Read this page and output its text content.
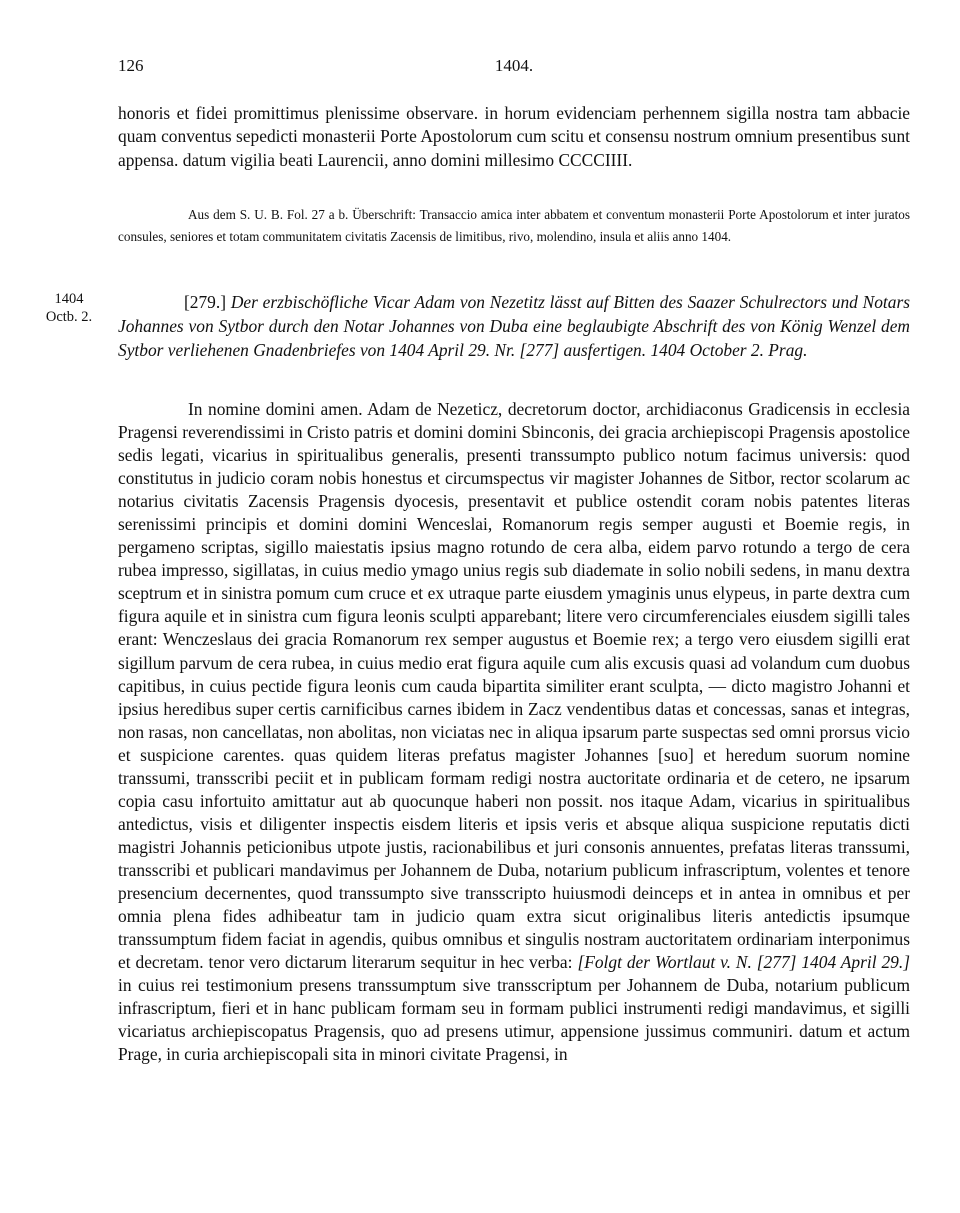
126	1404.
honoris et fidei promittimus plenissime observare. in horum evidenciam perhennem sigilla nostra tam abbacie quam conventus sepedicti monasterii Porte Apostolorum cum scitu et consensu nostrum omnium presentibus sunt appensa. datum vigilia beati Laurencii, anno domini millesimo CCCCIIII.
Aus dem S. U. B. Fol. 27 a b. Überschrift: Transaccio amica inter abbatem et conventum monasterii Porte Apostolorum et inter juratos consules, seniores et totam communitatem civitatis Zacensis de limitibus, rivo, molendino, insula et aliis anno 1404.
1404
Octb. 2.
[279.] Der erzbischöfliche Vicar Adam von Nezetitz lässt auf Bitten des Saazer Schulrectors und Notars Johannes von Sytbor durch den Notar Johannes von Duba eine beglaubigte Abschrift des von König Wenzel dem Sytbor verliehenen Gnadenbriefes von 1404 April 29. Nr. [277] ausfertigen. 1404 October 2. Prag.
In nomine domini amen. Adam de Nezeticz, decretorum doctor, archidiaconus Gradicensis in ecclesia Pragensi reverendissimi in Cristo patris et domini domini Sbinconis, dei gracia archiepiscopi Pragensis apostolice sedis legati, vicarius in spiritualibus generalis, presenti transsumpto publico notum facimus universis: quod constitutus in judicio coram nobis honestus et circumspectus vir magister Johannes de Sitbor, rector scolarum ac notarius civitatis Zacensis Pragensis dyocesis, presentavit et publice ostendit coram nobis patentes literas serenissimi principis et domini domini Wenceslai, Romanorum regis semper augusti et Boemie regis, in pergameno scriptas, sigillo maiestatis ipsius magno rotundo de cera alba, eidem parvo rotundo a tergo de cera rubea impresso, sigillatas, in cuius medio ymago unius regis sub diademate in solio nobili sedens, in manu dextra sceptrum et in sinistra pomum cum cruce et ex utraque parte eiusdem ymaginis unus elypeus, in parte dextra cum figura aquile et in sinistra cum figura leonis sculpti apparebant; litere vero circumferenciales eiusdem sigilli tales erant: Wenczeslaus dei gracia Romanorum rex semper augustus et Boemie rex; a tergo vero eiusdem sigilli erat sigillum parvum de cera rubea, in cuius medio erat figura aquile cum alis excusis quasi ad volandum cum duobus capitibus, in cuius pectide figura leonis cum cauda bipartita similiter erant sculpta, — dicto magistro Johanni et ipsius heredibus super certis carnificibus carnes ibidem in Zacz vendentibus datas et concessas, sanas et integras, non rasas, non cancellatas, non abolitas, non viciatas nec in aliqua ipsarum parte suspectas sed omni prorsus vicio et suspicione carentes. quas quidem literas prefatus magister Johannes [suo] et heredum suorum nomine transsumi, transscribi peciit et in publicam formam redigi nostra auctoritate ordinaria et de cetero, ne ipsarum copia casu infortuito amittatur aut ab quocunque haberi non possit. nos itaque Adam, vicarius in spiritualibus antedictus, visis et diligenter inspectis eisdem literis et ipsis veris et absque aliqua suspicione reputatis dicti magistri Johannis peticionibus utpote justis, racionabilibus et juri consonis annuentes, prefatas literas transsumi, transscribi et publicari mandavimus per Johannem de Duba, notarium publicum infrascriptum, volentes et tenore presencium decernentes, quod transsumpto sive transscripto huiusmodi deinceps et in antea in omnibus et per omnia plena fides adhibeatur tam in judicio quam extra sicut originalibus literis antedictis ipsumque transsumptum fidem faciat in agendis, quibus omnibus et singulis nostram auctoritatem ordinariam interponimus et decretam. tenor vero dictarum literarum sequitur in hec verba: [Folgt der Wortlaut v. N. [277] 1404 April 29.] in cuius rei testimonium presens transsumptum sive transscriptum per Johannem de Duba, notarium publicum infrascriptum, fieri et in hanc publicam formam seu in formam publici instrumenti redigi mandavimus, et sigilli vicariatus archiepiscopatus Pragensis, quo ad presens utimur, appensione jussimus communiri. datum et actum Prage, in curia archiepiscopali sita in minori civitate Pragensi, in
